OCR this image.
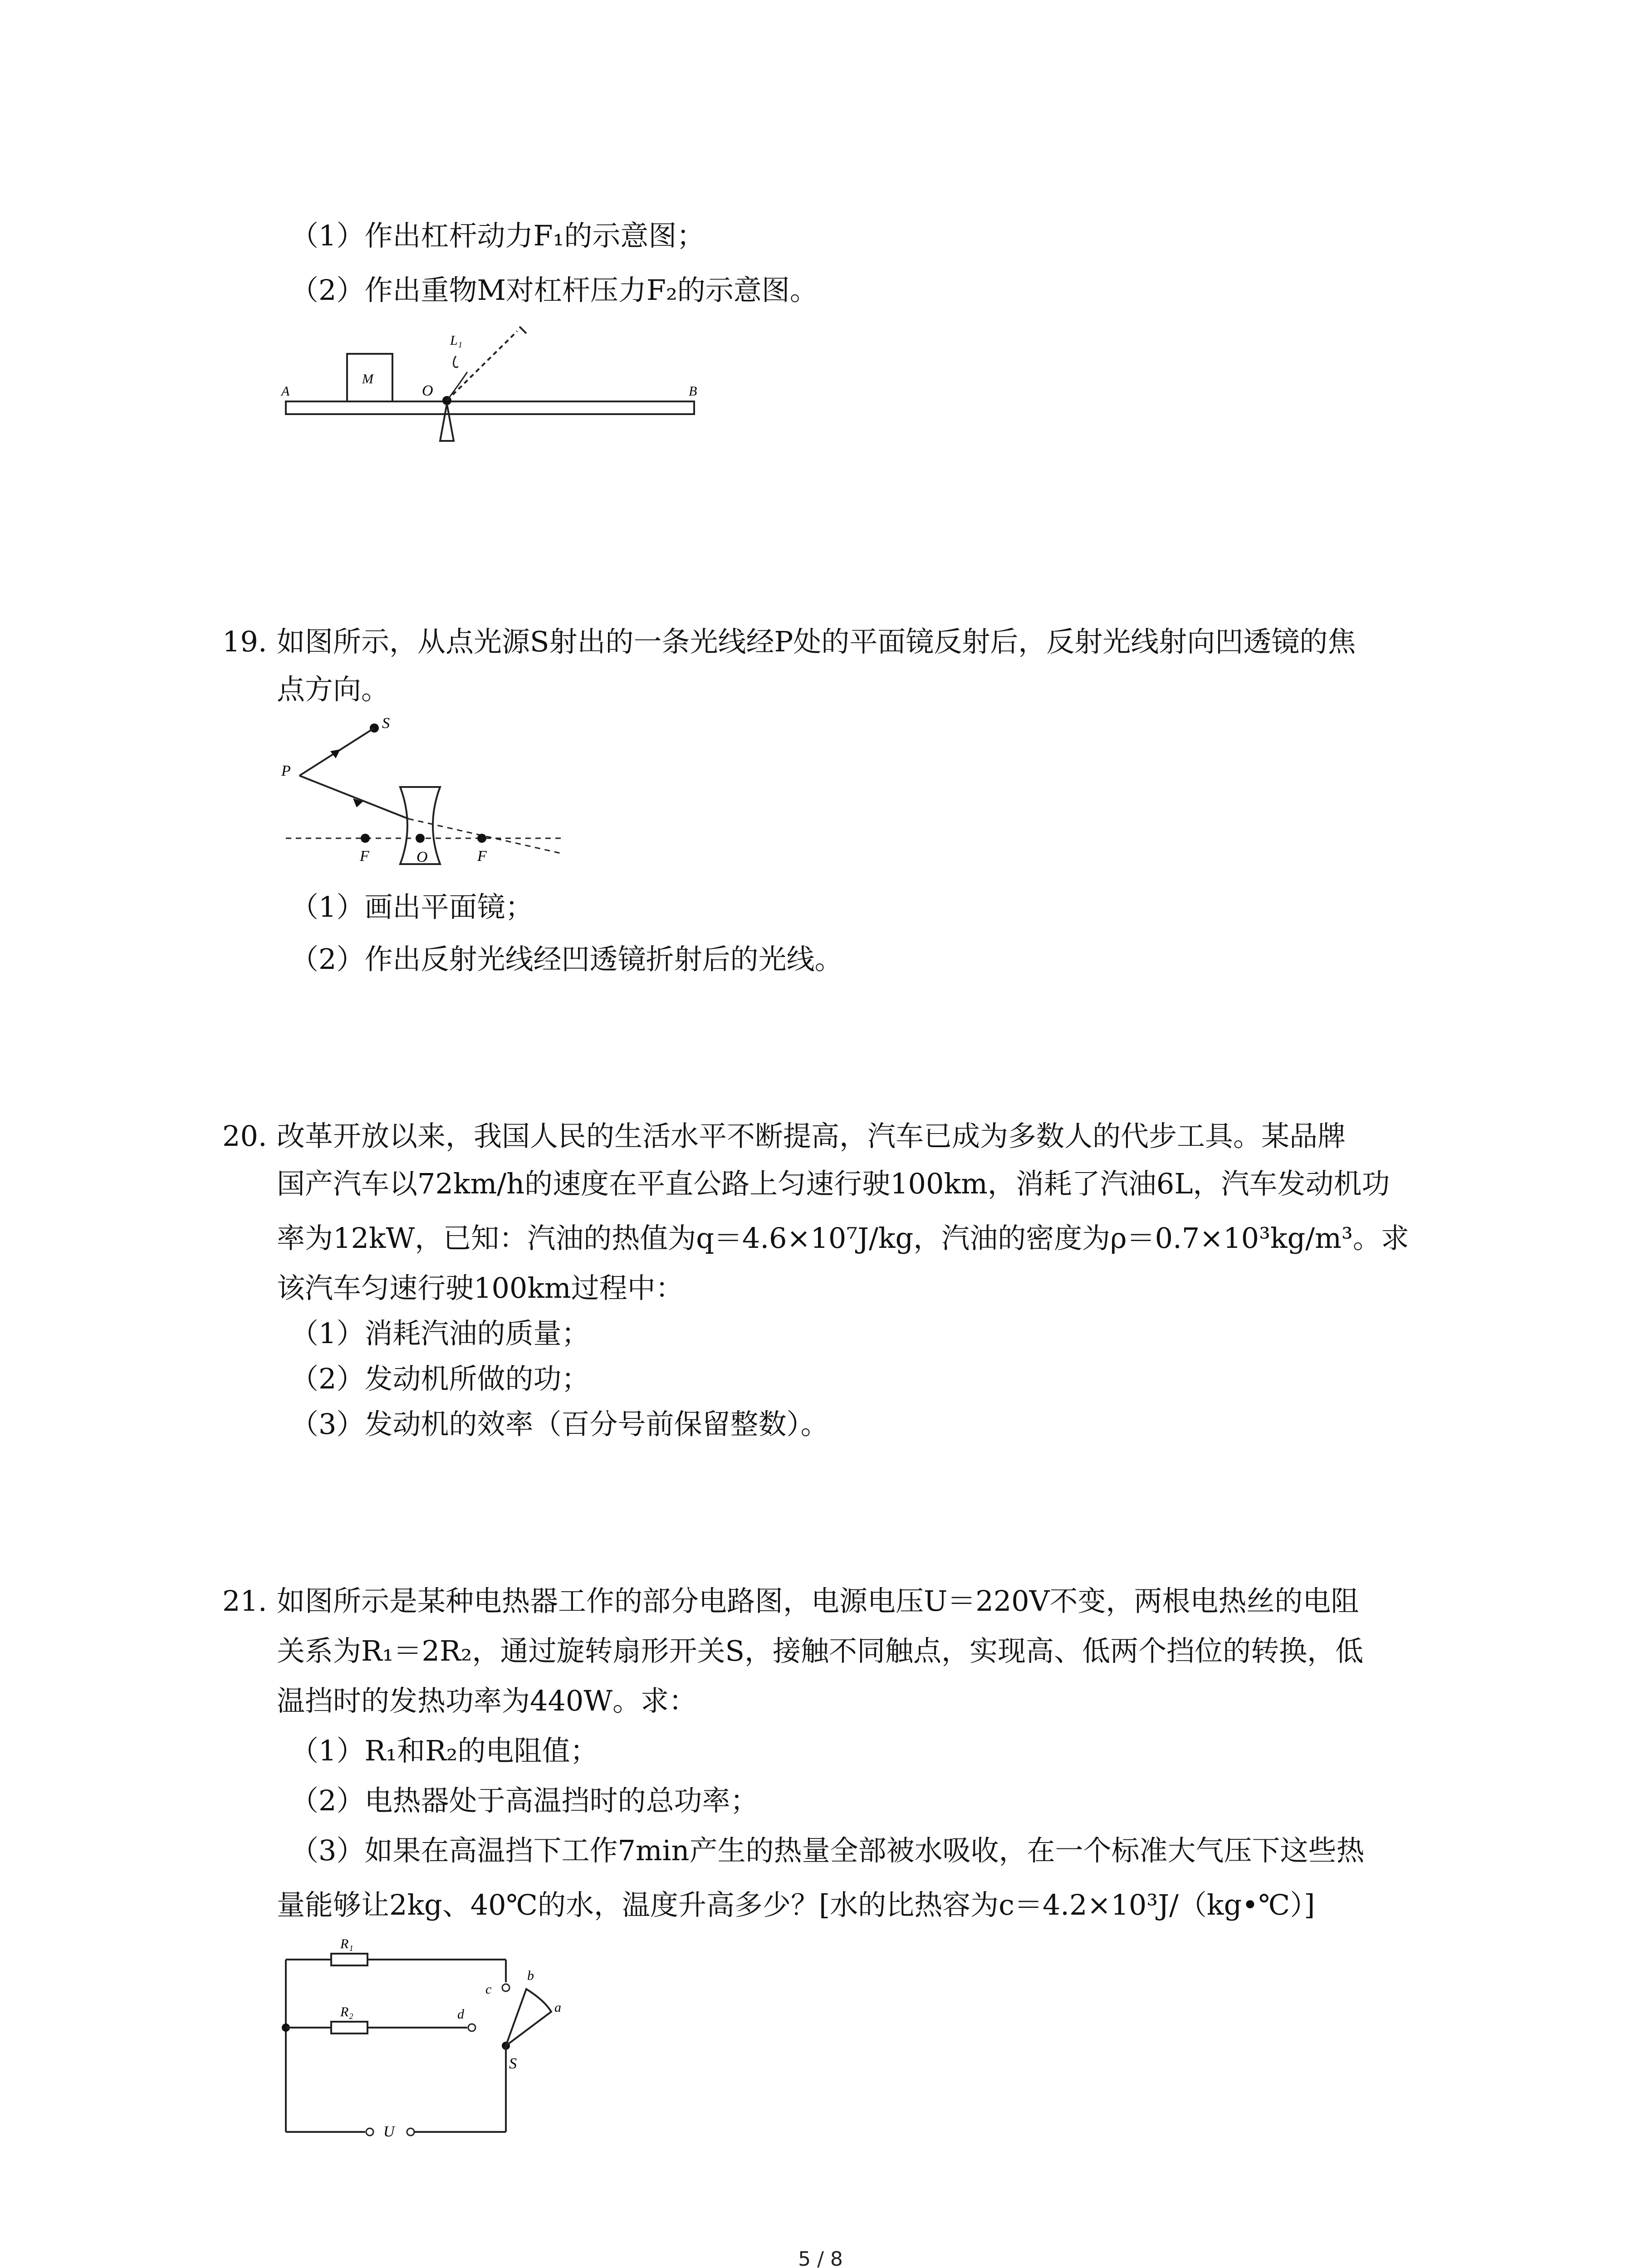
（1）作出杠杆动力F₁的示意图；
（2）作出重物M对杠杆压力F₂的示意图。
M
A	O	B
L₁
19. 如图所示，从点光源S射出的一条光线经P处的平面镜反射后，反射光线射向凹透镜的焦
点方向。
S
P
F	O	F
（1）画出平面镜；
（2）作出反射光线经凹透镜折射后的光线。
20. 改革开放以来，我国人民的生活水平不断提高，汽车已成为多数人的代步工具。某品牌
国产汽车以72km/h的速度在平直公路上匀速行驶100km，消耗了汽油6L，汽车发动机功
率为12kW，已知：汽油的热值为q＝4.6×10⁷J/kg，汽油的密度为ρ＝0.7×10³kg/m³。求
该汽车匀速行驶100km过程中：
（1）消耗汽油的质量；
（2）发动机所做的功；
（3）发动机的效率（百分号前保留整数）。
21. 如图所示是某种电热器工作的部分电路图，电源电压U＝220V不变，两根电热丝的电阻
关系为R₁＝2R₂，通过旋转扇形开关S，接触不同触点，实现高、低两个挡位的转换，低
温挡时的发热功率为440W。求：
（1）R₁和R₂的电阻值；
（2）电热器处于高温挡时的总功率；
（3）如果在高温挡下工作7min产生的热量全部被水吸收，在一个标准大气压下这些热
量能够让2kg、40℃的水，温度升高多少？[水的比热容为c＝4.2×10³J/（kg•℃）]
R₁
c
R₂	d
b
a
S
U
5 / 8
